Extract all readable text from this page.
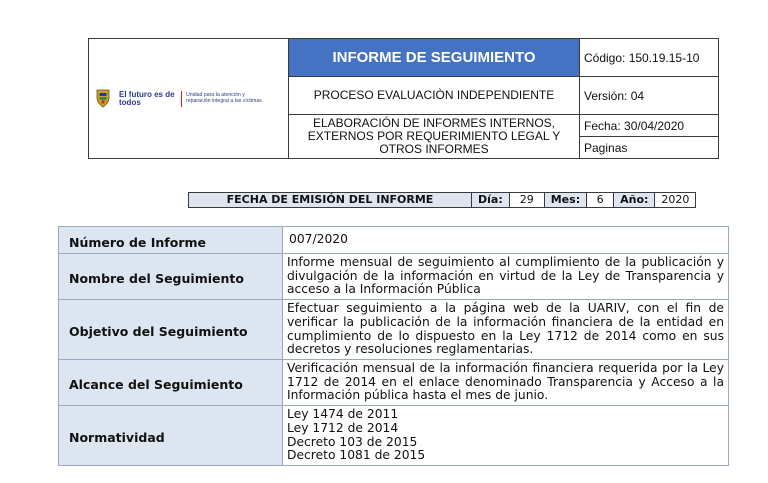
El futuro es de todos
Unidad para la atención y reparación integral a las víctimas	INFORME DE SEGUIMIENTO	Código: 150.19.15-10
	PROCESO EVALUACIÒN INDEPENDIENTE	Versión: 04
	ELABORACIÓN DE INFORMES INTERNOS, EXTERNOS POR REQUERIMIENTO LEGAL Y OTROS INFORMES	Fecha: 30/04/2020
		Paginas
FECHA DE EMISIÓN DEL INFORME	Día:	29	Mes:	6	Año:	2020
Número de Informe	007/2020
Nombre del Seguimiento	Informe mensual de seguimiento al cumplimiento de la publicación y divulgación de la información en virtud de la Ley de Transparencia y acceso a la Información Pública
Objetivo del Seguimiento	Efectuar seguimiento a la página web de la UARIV, con el fin de verificar la publicación de la información financiera de la entidad en cumplimiento de lo dispuesto en la Ley 1712 de 2014 como en sus decretos y resoluciones reglamentarias.
Alcance del Seguimiento	Verificación mensual de la información financiera requerida por la Ley 1712 de 2014 en el enlace denominado Transparencia y Acceso a la Información pública hasta el mes de junio.
Normatividad	Ley 1474 de 2011
Ley 1712 de 2014
Decreto 103 de 2015
Decreto 1081 de 2015
